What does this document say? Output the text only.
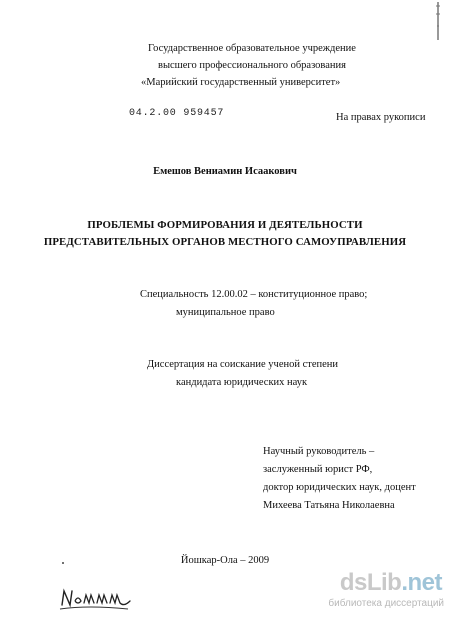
Государственное образовательное учреждение
высшего профессионального образования
«Марийский государственный университет»
04.2.00 959457	На правах рукописи
Емешов Вениамин Исаакович
ПРОБЛЕМЫ ФОРМИРОВАНИЯ И ДЕЯТЕЛЬНОСТИ
ПРЕДСТАВИТЕЛЬНЫХ ОРГАНОВ МЕСТНОГО САМОУПРАВЛЕНИЯ
Специальность 12.00.02 – конституционное право;
муниципальное право
Диссертация на соискание ученой степени
кандидата юридических наук
Научный руководитель –
заслуженный юрист РФ,
доктор юридических наук, доцент
Михеева Татьяна Николаевна
Йошкар-Ола – 2009
dsLib.net
библиотека диссертаций
